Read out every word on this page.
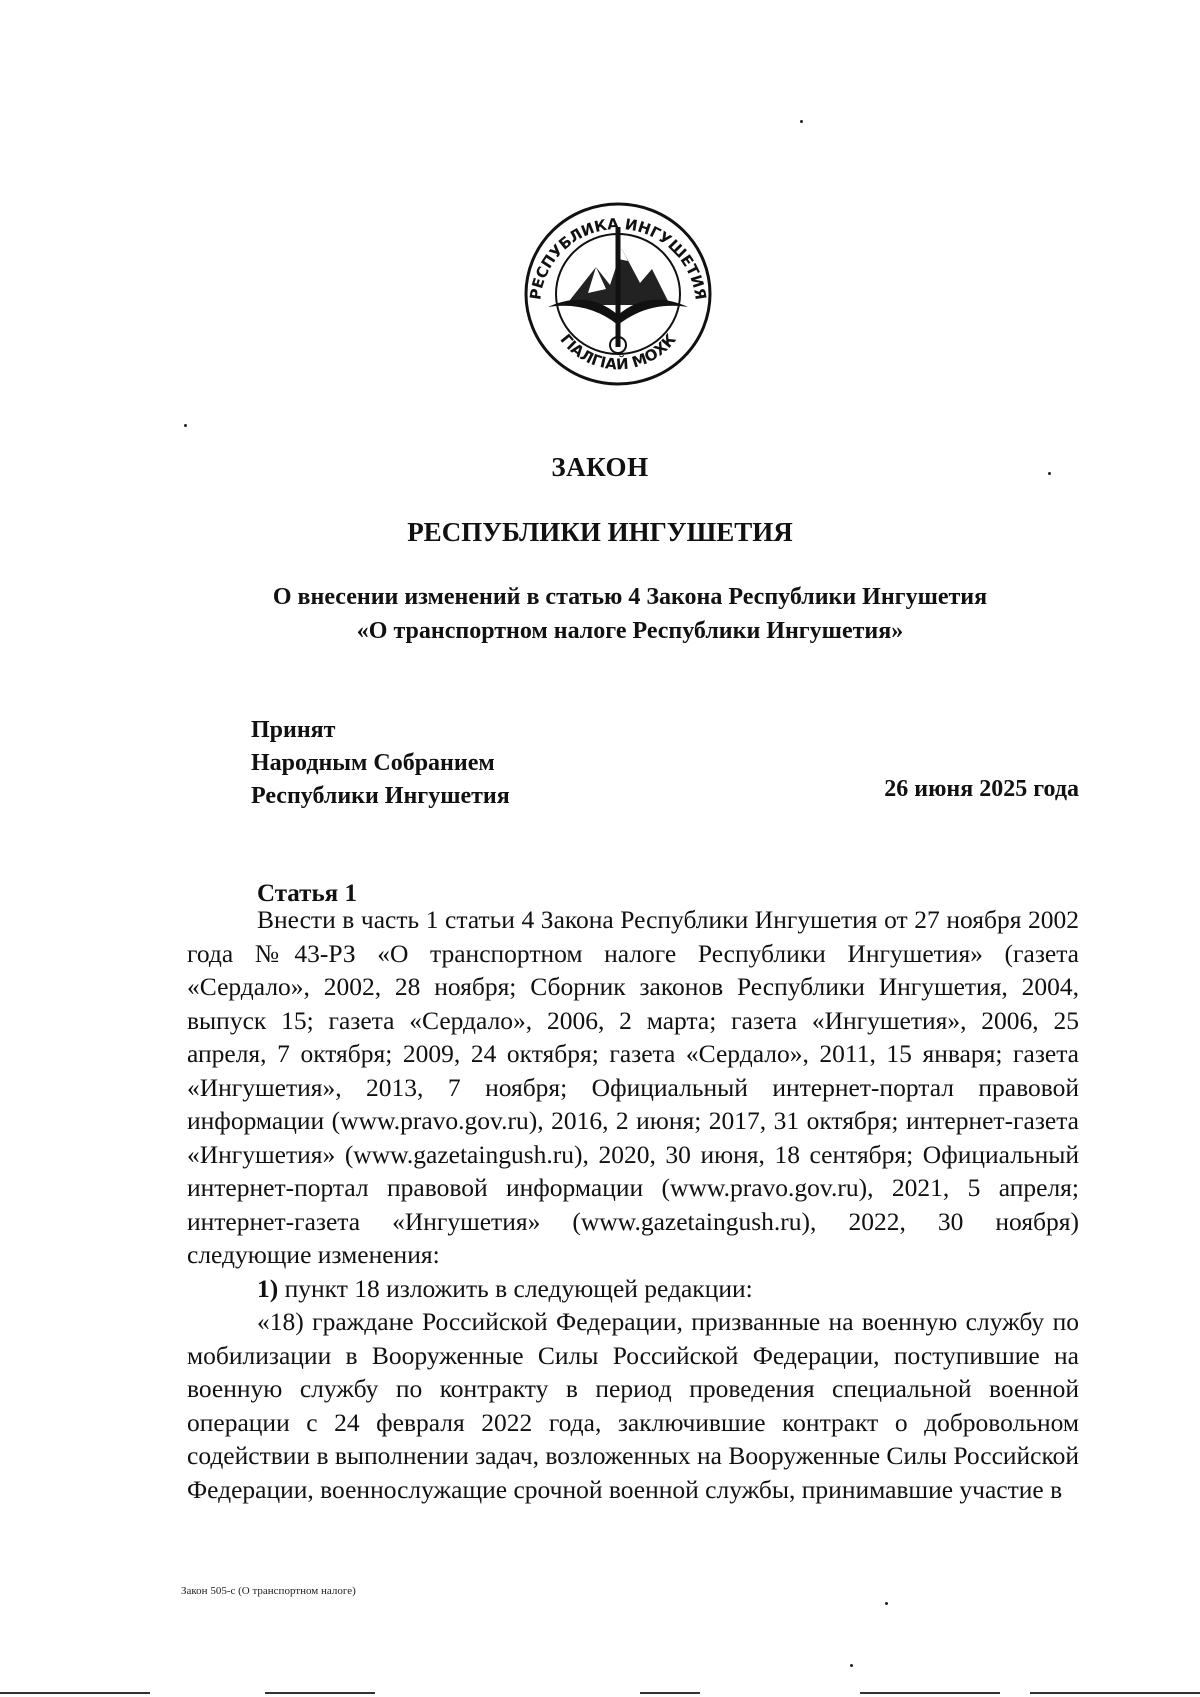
РЕСПУБЛИКА ИНГУШЕТИЯ
ГIАЛГIАЙ МОХК
ЗАКОН
РЕСПУБЛИКИ ИНГУШЕТИЯ
О внесении изменений в статью 4 Закона Республики Ингушетия
«О транспортном налоге Республики Ингушетия»
Принят
Народным Собранием
Республики Ингушетия	26 июня 2025 года
Статья 1

Внести в часть 1 статьи 4 Закона Республики Ингушетия от 27 ноября 2002 года №43-РЗ «О транспортном налоге Республики Ингушетия» (газета «Сердало», 2002, 28 ноября; Сборник законов Республики Ингушетия, 2004, выпуск 15; газета «Сердало», 2006, 2 марта; газета «Ингушетия», 2006, 25 апреля, 7 октября; 2009, 24 октября; газета «Сердало», 2011, 15 января; газета «Ингушетия», 2013, 7 ноября; Официальный интернет-портал правовой информации (www.pravo.gov.ru), 2016, 2 июня; 2017, 31 октября; интернет-газета «Ингушетия» (www.gazetaingush.ru), 2020, 30 июня, 18 сентября; Официальный интернет-портал правовой информации (www.pravo.gov.ru), 2021, 5 апреля; интернет-газета «Ингушетия» (www.gazetaingush.ru), 2022, 30 ноября) следующие изменения:

1) пункт 18 изложить в следующей редакции:

«18) граждане Российской Федерации, призванные на военную службу по мобилизации в Вооруженные Силы Российской Федерации, поступившие на военную службу по контракту в период проведения специальной военной операции с 24 февраля 2022 года, заключившие контракт о добровольном содействии в выполнении задач, возложенных на Вооруженные Силы Российской Федерации, военнослужащие срочной военной службы, принимавшие участие в

Закон 505-с (О транспортном налоге)
